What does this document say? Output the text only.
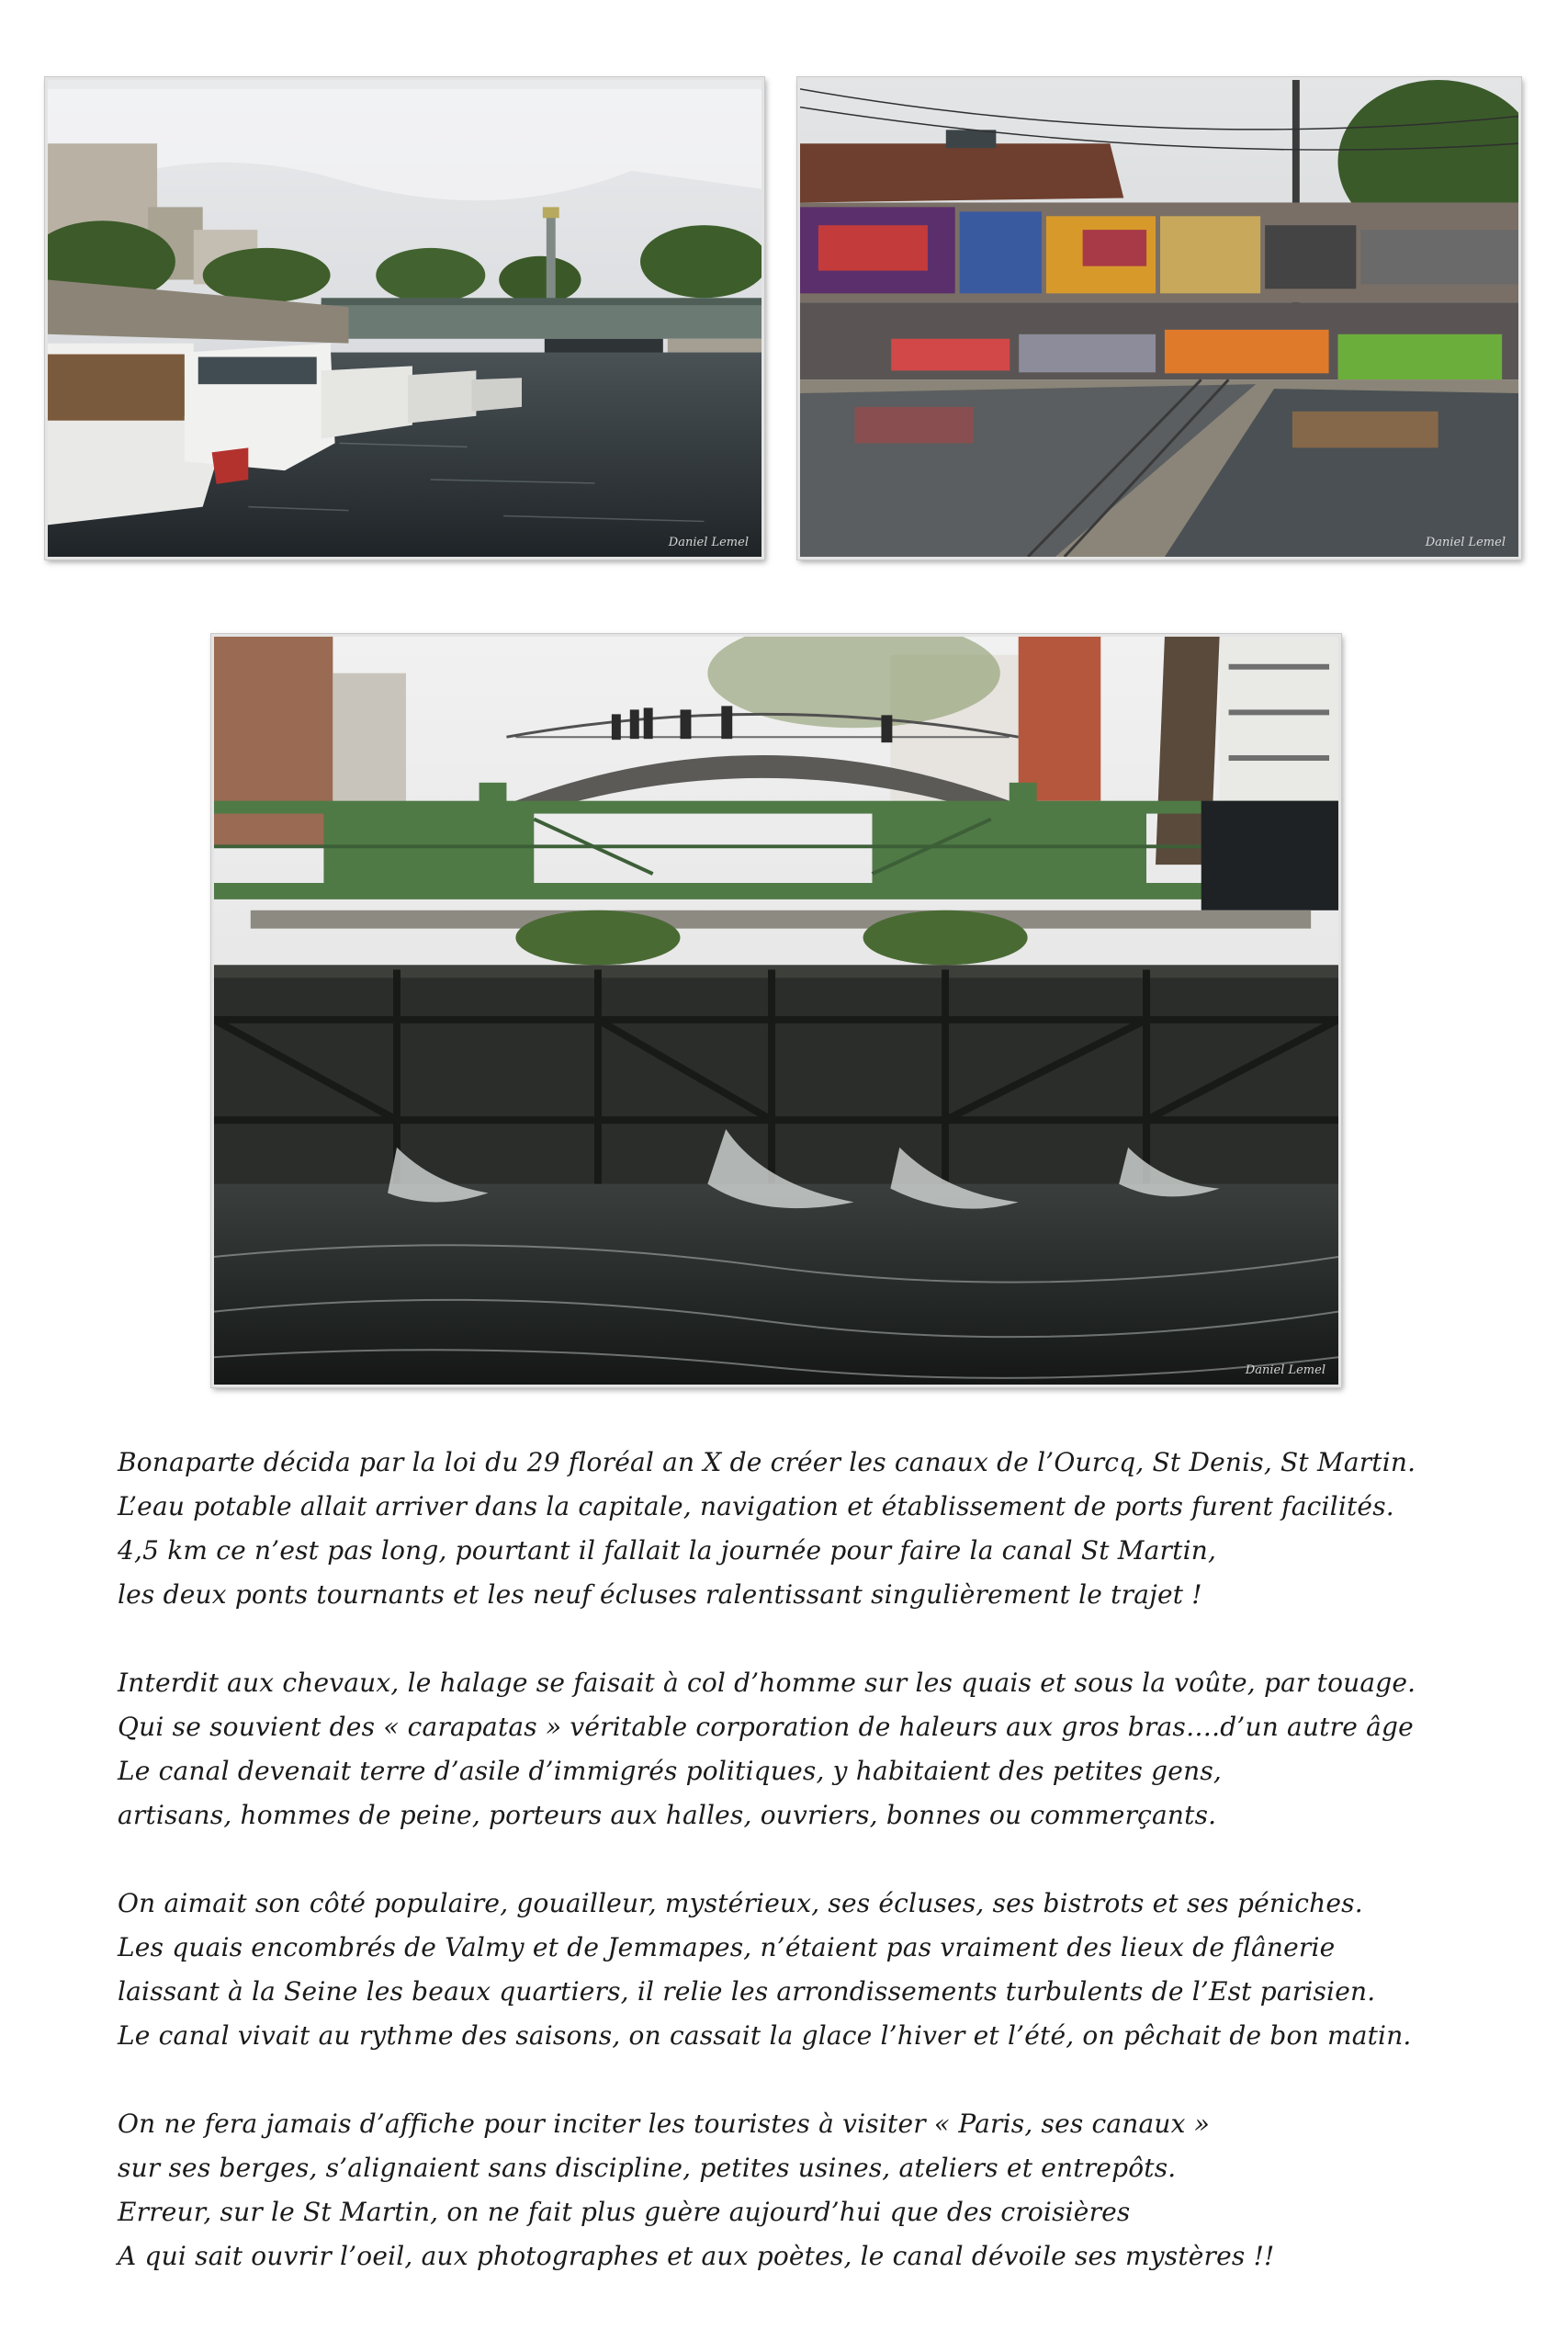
Daniel Lemel	Daniel Lemel
Daniel Lemel
Bonaparte décida par la loi du 29 floréal an X de créer les canaux de l’Ourcq, St Denis, St Martin.
L’eau potable allait arriver dans la capitale, navigation et établissement de ports furent facilités.
4,5 km ce n’est pas long, pourtant il fallait la journée pour faire la canal St Martin,
les deux ponts tournants et les neuf écluses ralentissant singulièrement le trajet !
Interdit aux chevaux, le halage se faisait à col d’homme sur les quais et sous la voûte, par touage.
Qui se souvient des « carapatas » véritable corporation de haleurs aux gros bras….d’un autre âge
Le canal devenait terre d’asile d’immigrés politiques, y habitaient des petites gens,
artisans, hommes de peine, porteurs aux halles, ouvriers, bonnes ou commerçants.
On aimait son côté populaire, gouailleur, mystérieux, ses écluses, ses bistrots et ses péniches.
Les quais encombrés de Valmy et de Jemmapes, n’étaient pas vraiment des lieux de flânerie
laissant à la Seine les beaux quartiers, il relie les arrondissements turbulents de l’Est parisien.
Le canal vivait au rythme des saisons, on cassait la glace l’hiver et l’été, on pêchait de bon matin.
On ne fera jamais d’affiche pour inciter les touristes à visiter « Paris, ses canaux »
sur ses berges, s’alignaient sans discipline, petites usines, ateliers et entrepôts.
Erreur, sur le St Martin, on ne fait plus guère aujourd’hui que des croisières
A qui sait ouvrir l’oeil, aux photographes et aux poètes, le canal dévoile ses mystères !!
